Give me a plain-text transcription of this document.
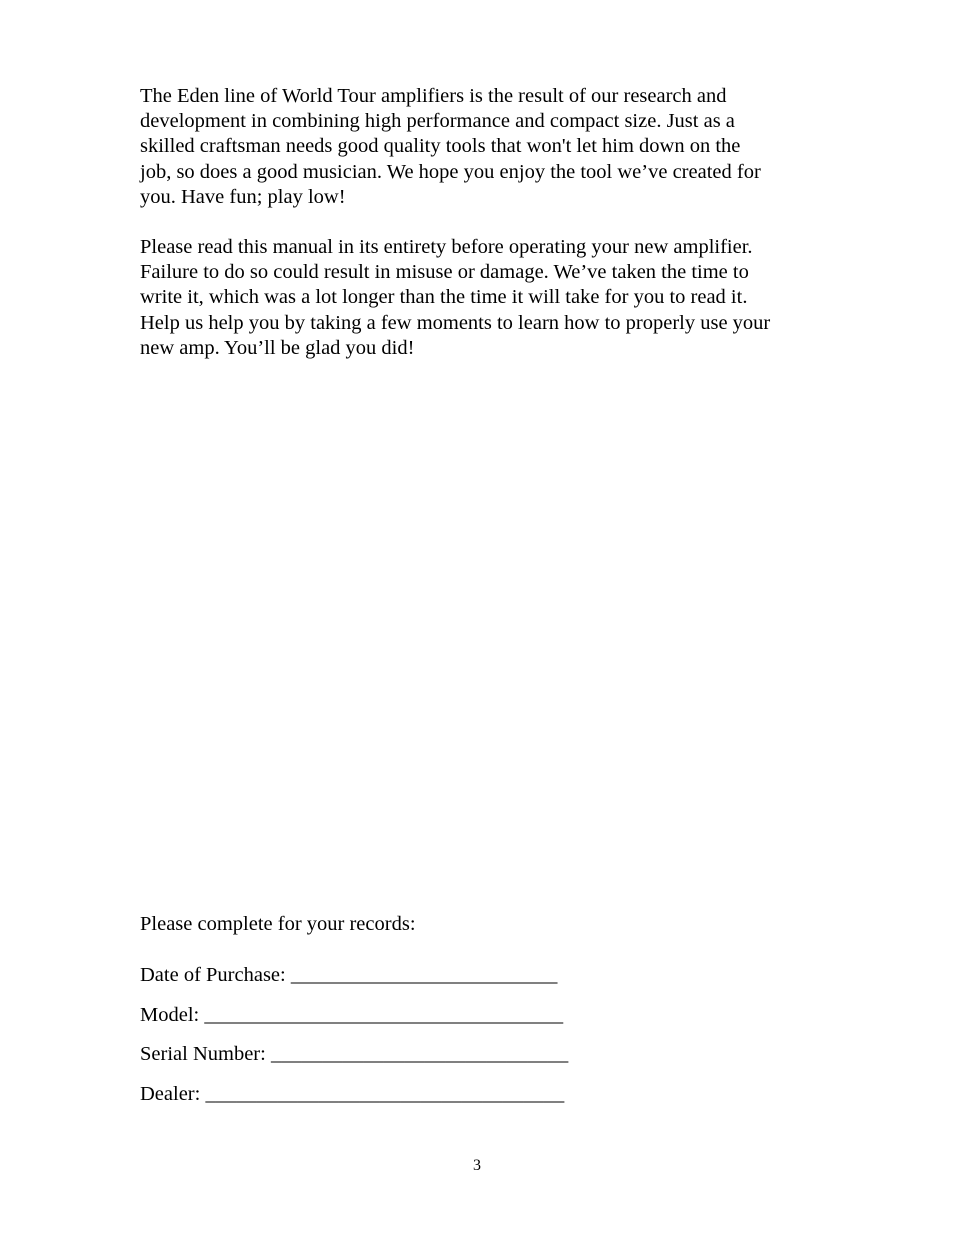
The Eden line of World Tour amplifiers is the result of our research and
development in combining high performance and compact size. Just as a
skilled craftsman needs good quality tools that won't let him down on the
job, so does a good musician. We hope you enjoy the tool we’ve created for
you. Have fun; play low!

Please read this manual in its entirety before operating your new amplifier.
Failure to do so could result in misuse or damage. We’ve taken the time to
write it, which was a lot longer than the time it will take for you to read it.
Help us help you by taking a few moments to learn how to properly use your
new amp. You’ll be glad you did!

Please complete for your records:

Date of Purchase: __________________________
Model: ___________________________________
Serial Number: _____________________________
Dealer: ___________________________________
3
